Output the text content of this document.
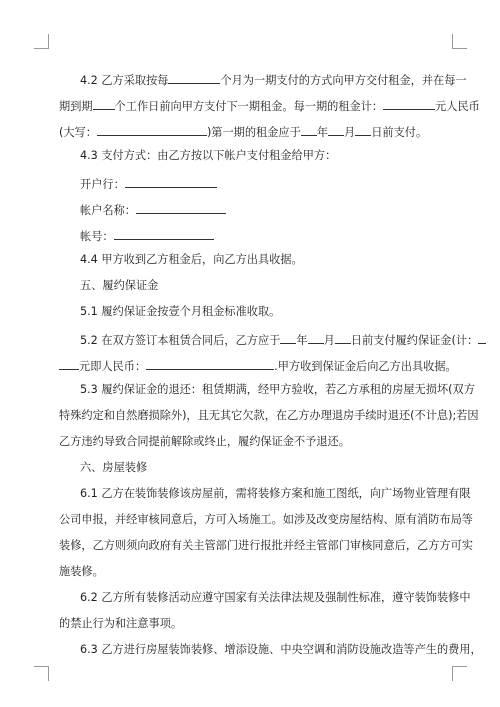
4.2 乙方采取按每	个月为一期支付的方式向甲方交付租金，并在每一
期到期 个工作日前向甲方支付下一期租金。每一期的租金计：	元人民币
(大写：	)第一期的租金应于 年 月 日前支付。
4.3 支付方式：由乙方按以下帐户支付租金给甲方：
开户行：
帐户名称：
帐号：
4.4 甲方收到乙方租金后，向乙方出具收据。
五、履约保证金
5.1 履约保证金按壹个月租金标准收取。
5.2 在双方签订本租赁合同后，乙方应于 年 月 日前支付履约保证金(计：
元即人民币：	.甲方收到保证金后向乙方出具收据。
5.3 履约保证金的退还：租赁期满，经甲方验收，若乙方承租的房屋无损坏(双方
特殊约定和自然磨损除外)，且无其它欠款，在乙方办理退房手续时退还(不计息);若因
乙方违约导致合同提前解除或终止，履约保证金不予退还。
六、房屋装修
6.1 乙方在装饰装修该房屋前，需将装修方案和施工图纸，向广场物业管理有限
公司申报，并经审核同意后，方可入场施工。如涉及改变房屋结构、原有消防布局等
装修，乙方则须向政府有关主管部门进行报批并经主管部门审核同意后，乙方方可实
施装修。
6.2 乙方所有装修活动应遵守国家有关法律法规及强制性标准，遵守装饰装修中
的禁止行为和注意事项。
6.3 乙方进行房屋装饰装修、增添设施、中央空调和消防设施改造等产生的费用，
